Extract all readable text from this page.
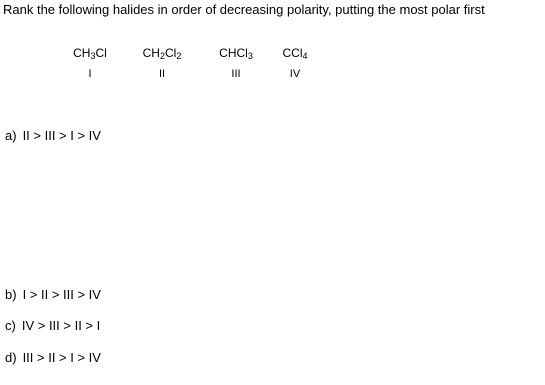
Rank the following halides in order of decreasing polarity, putting the most polar first
$CH_3Cl$
I
$CH_2Cl_2$
II
CHCl$_3$
III
CCl$_4$
IV
a) II > III > I > IV
b) I > II > III > IV
c) IV > III > II > I
d) III > II > I > IV
